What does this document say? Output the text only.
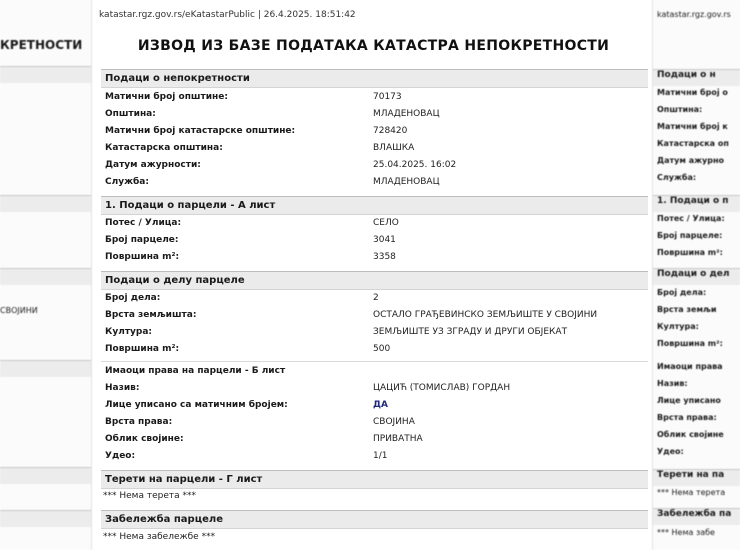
КРЕТНОСТИ
СВОЈИНИ
katastar.rgz.gov.rs/eKatastarPublic | 26.4.2025. 18:51:42
ИЗВОД ИЗ БАЗЕ ПОДАТАКА КАТАСТРА НЕПОКРЕТНОСТИ
Подаци о непокретности
Матични број општине:	70173
Општина:	МЛАДЕНОВАЦ
Матични број катастарске општине:	728420
Катастарска општина:	ВЛАШКА
Датум ажурности:	25.04.2025. 16:02
Служба:	МЛАДЕНОВАЦ
1. Подаци о парцели - А лист
Потес / Улица:	СЕЛО
Број парцеле:	3041
Површина m²:	3358
Подаци о делу парцеле
Број дела:	2
Врста земљишта:	ОСТАЛО ГРАЂЕВИНСКО ЗЕМЉИШТЕ У СВОЈИНИ
Култура:	ЗЕМЉИШТЕ УЗ ЗГРАДУ И ДРУГИ ОБЈЕКАТ
Површина m²:	500
Имаоци права на парцели - Б лист
Назив:	ЦАЦИЋ (ТОМИСЛАВ) ГОРДАН
Лице уписано са матичним бројем:	ДА
Врста права:	СВОЈИНА
Облик својине:	ПРИВАТНА
Удео:	1/1
Терети на парцели - Г лист
*** Нема терета ***
Забележба парцеле
*** Нема забележбе ***
katastar.rgz.gov.rs
Подаци о н
Матични број о
Општина:
Матични број к
Катастарска оп
Датум ажурно
Служба:
1. Подаци о п
Потес / Улица:
Број парцеле:
Површина m²:
Подаци о дел
Број дела:
Врста земљи
Култура:
Површина m²:
Имаоци права
Назив:
Лице уписано
Врста права:
Облик својине
Удео:
Терети на па
*** Нема терета
Забележба па
*** Нема забе
